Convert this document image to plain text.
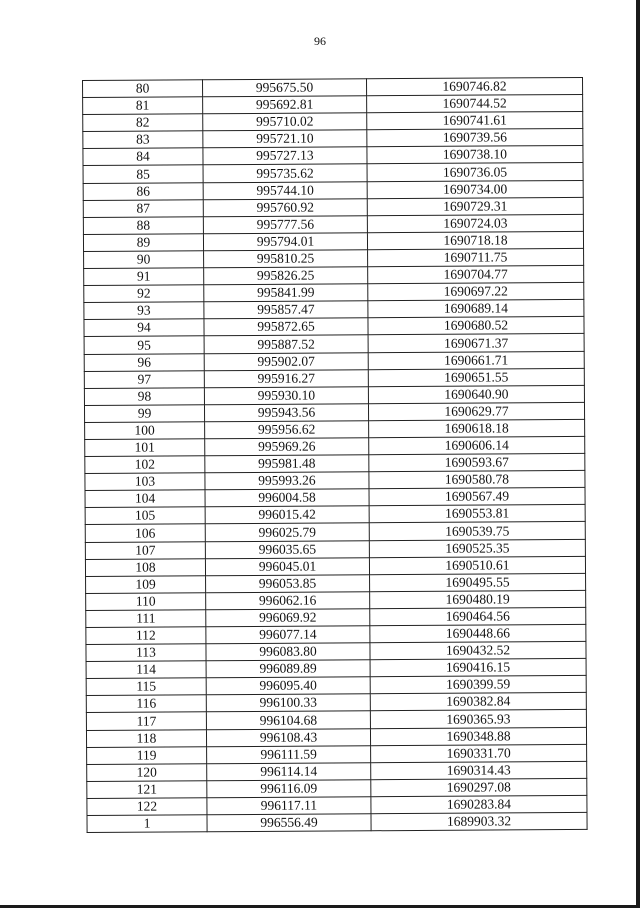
96
80	995675.50	1690746.82
81	995692.81	1690744.52
82	995710.02	1690741.61
83	995721.10	1690739.56
84	995727.13	1690738.10
85	995735.62	1690736.05
86	995744.10	1690734.00
87	995760.92	1690729.31
88	995777.56	1690724.03
89	995794.01	1690718.18
90	995810.25	1690711.75
91	995826.25	1690704.77
92	995841.99	1690697.22
93	995857.47	1690689.14
94	995872.65	1690680.52
95	995887.52	1690671.37
96	995902.07	1690661.71
97	995916.27	1690651.55
98	995930.10	1690640.90
99	995943.56	1690629.77
100	995956.62	1690618.18
101	995969.26	1690606.14
102	995981.48	1690593.67
103	995993.26	1690580.78
104	996004.58	1690567.49
105	996015.42	1690553.81
106	996025.79	1690539.75
107	996035.65	1690525.35
108	996045.01	1690510.61
109	996053.85	1690495.55
110	996062.16	1690480.19
111	996069.92	1690464.56
112	996077.14	1690448.66
113	996083.80	1690432.52
114	996089.89	1690416.15
115	996095.40	1690399.59
116	996100.33	1690382.84
117	996104.68	1690365.93
118	996108.43	1690348.88
119	996111.59	1690331.70
120	996114.14	1690314.43
121	996116.09	1690297.08
122	996117.11	1690283.84
1	996556.49	1689903.32
